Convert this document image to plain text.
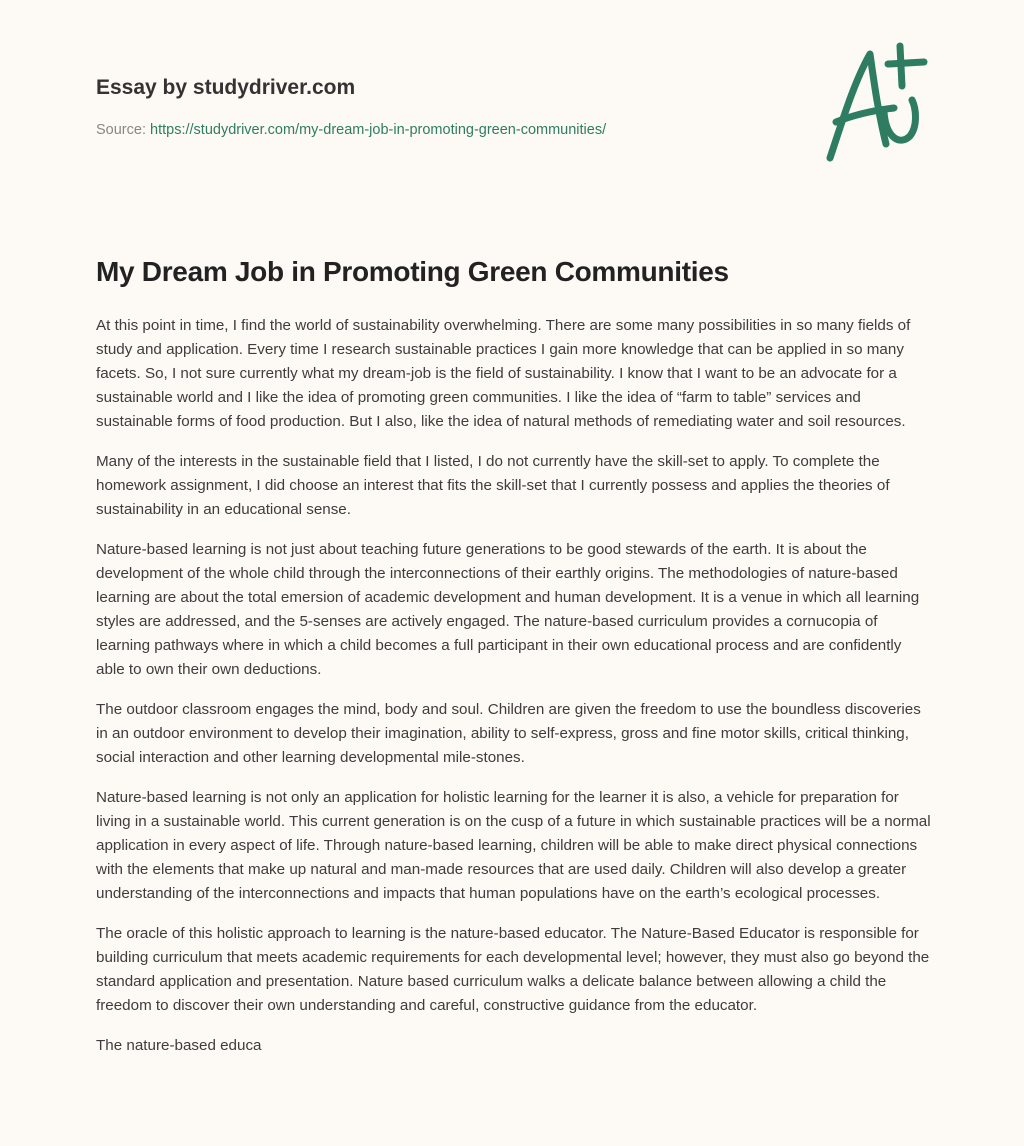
Essay by studydriver.com
Source: https://studydriver.com/my-dream-job-in-promoting-green-communities/
My Dream Job in Promoting Green Communities

At this point in time, I find the world of sustainability overwhelming. There are some many possibilities in so many fields of study and application. Every time I research sustainable practices I gain more knowledge that can be applied in so many facets. So, I not sure currently what my dream-job is the field of sustainability. I know that I want to be an advocate for a sustainable world and I like the idea of promoting green communities. I like the idea of “farm to table” services and sustainable forms of food production. But I also, like the idea of natural methods of remediating water and soil resources.

Many of the interests in the sustainable field that I listed, I do not currently have the skill-set to apply. To complete the homework assignment, I did choose an interest that fits the skill-set that I currently possess and applies the theories of sustainability in an educational sense.

Nature-based learning is not just about teaching future generations to be good stewards of the earth. It is about the development of the whole child through the interconnections of their earthly origins. The methodologies of nature-based learning are about the total emersion of academic development and human development. It is a venue in which all learning styles are addressed, and the 5-senses are actively engaged. The nature-based curriculum provides a cornucopia of learning pathways where in which a child becomes a full participant in their own educational process and are confidently able to own their own deductions.

The outdoor classroom engages the mind, body and soul. Children are given the freedom to use the boundless discoveries in an outdoor environment to develop their imagination, ability to self-express, gross and fine motor skills, critical thinking, social interaction and other learning developmental mile-stones.

Nature-based learning is not only an application for holistic learning for the learner it is also, a vehicle for preparation for living in a sustainable world. This current generation is on the cusp of a future in which sustainable practices will be a normal application in every aspect of life. Through nature-based learning, children will be able to make direct physical connections with the elements that make up natural and man-made resources that are used daily. Children will also develop a greater understanding of the interconnections and impacts that human populations have on the earth’s ecological processes.

The oracle of this holistic approach to learning is the nature-based educator. The Nature-Based Educator is responsible for building curriculum that meets academic requirements for each developmental level; however, they must also go beyond the standard application and presentation. Nature based curriculum walks a delicate balance between allowing a child the freedom to discover their own understanding and careful, constructive guidance from the educator.

The nature-based educa
